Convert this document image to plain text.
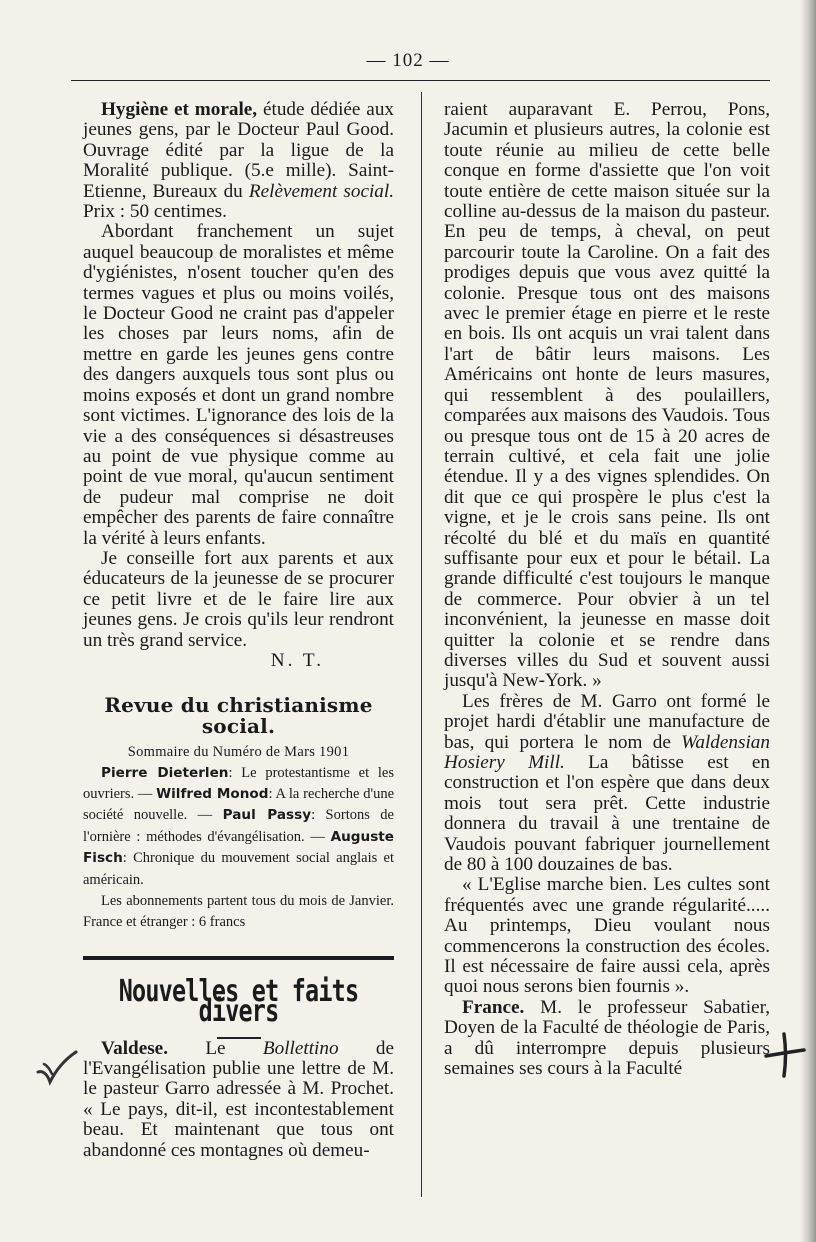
— 102 —

Hygiène et morale, étude dédiée aux jeunes gens, par le Docteur Paul Good. Ouvrage édité par la ligue de la Moralité publique. (5.e mille). Saint-Etienne, Bureaux du Relèvement social. Prix : 50 centimes.

Abordant franchement un sujet auquel beaucoup de moralistes et même d'ygiénistes, n'osent toucher qu'en des termes vagues et plus ou moins voilés, le Docteur Good ne craint pas d'appeler les choses par leurs noms, afin de mettre en garde les jeunes gens contre des dangers auxquels tous sont plus ou moins exposés et dont un grand nombre sont victimes. L'ignorance des lois de la vie a des conséquences si désastreuses au point de vue physique comme au point de vue moral, qu'aucun sentiment de pudeur mal comprise ne doit empêcher des parents de faire connaître la vérité à leurs enfants.

Je conseille fort aux parents et aux éducateurs de la jeunesse de se procurer ce petit livre et de le faire lire aux jeunes gens. Je crois qu'ils leur rendront un très grand service.

N. T.

Revue du christianisme social.
Sommaire du Numéro de Mars 1901

Pierre Dieterlen: Le protestantisme et les ouvriers. — Wilfred Monod: A la recherche d'une société nouvelle. — Paul Passy: Sortons de l'ornière : méthodes d'évangélisation. — Auguste Fisch: Chronique du mouvement social anglais et américain.

Les abonnements partent tous du mois de Janvier. France et étranger : 6 francs

Nouvelles et faits divers

Valdese. Le Bollettino de l'Evangélisation publie une lettre de M. le pasteur Garro adressée à M. Prochet. « Le pays, dit-il, est incontestablement beau. Et maintenant que tous ont abandonné ces montagnes où demeu-

raient auparavant E. Perrou, Pons, Jacumin et plusieurs autres, la colonie est toute réunie au milieu de cette belle conque en forme d'assiette que l'on voit toute entière de cette maison située sur la colline au-dessus de la maison du pasteur. En peu de temps, à cheval, on peut parcourir toute la Caroline. On a fait des prodiges depuis que vous avez quitté la colonie. Presque tous ont des maisons avec le premier étage en pierre et le reste en bois. Ils ont acquis un vrai talent dans l'art de bâtir leurs maisons. Les Américains ont honte de leurs masures, qui ressemblent à des poulaillers, comparées aux maisons des Vaudois. Tous ou presque tous ont de 15 à 20 acres de terrain cultivé, et cela fait une jolie étendue. Il y a des vignes splendides. On dit que ce qui prospère le plus c'est la vigne, et je le crois sans peine. Ils ont récolté du blé et du maïs en quantité suffisante pour eux et pour le bétail. La grande difficulté c'est toujours le manque de commerce. Pour obvier à un tel inconvénient, la jeunesse en masse doit quitter la colonie et se rendre dans diverses villes du Sud et souvent aussi jusqu'à New-York. »

Les frères de M. Garro ont formé le projet hardi d'établir une manufacture de bas, qui portera le nom de Waldensian Hosiery Mill. La bâtisse est en construction et l'on espère que dans deux mois tout sera prêt. Cette industrie donnera du travail à une trentaine de Vaudois pouvant fabriquer journellement de 80 à 100 douzaines de bas.

« L'Eglise marche bien. Les cultes sont fréquentés avec une grande régularité..... Au printemps, Dieu voulant nous commencerons la construction des écoles. Il est nécessaire de faire aussi cela, après quoi nous serons bien fournis ».

France. M. le professeur Sabatier, Doyen de la Faculté de théologie de Paris, a dû interrompre depuis plusieurs semaines ses cours à la Faculté
